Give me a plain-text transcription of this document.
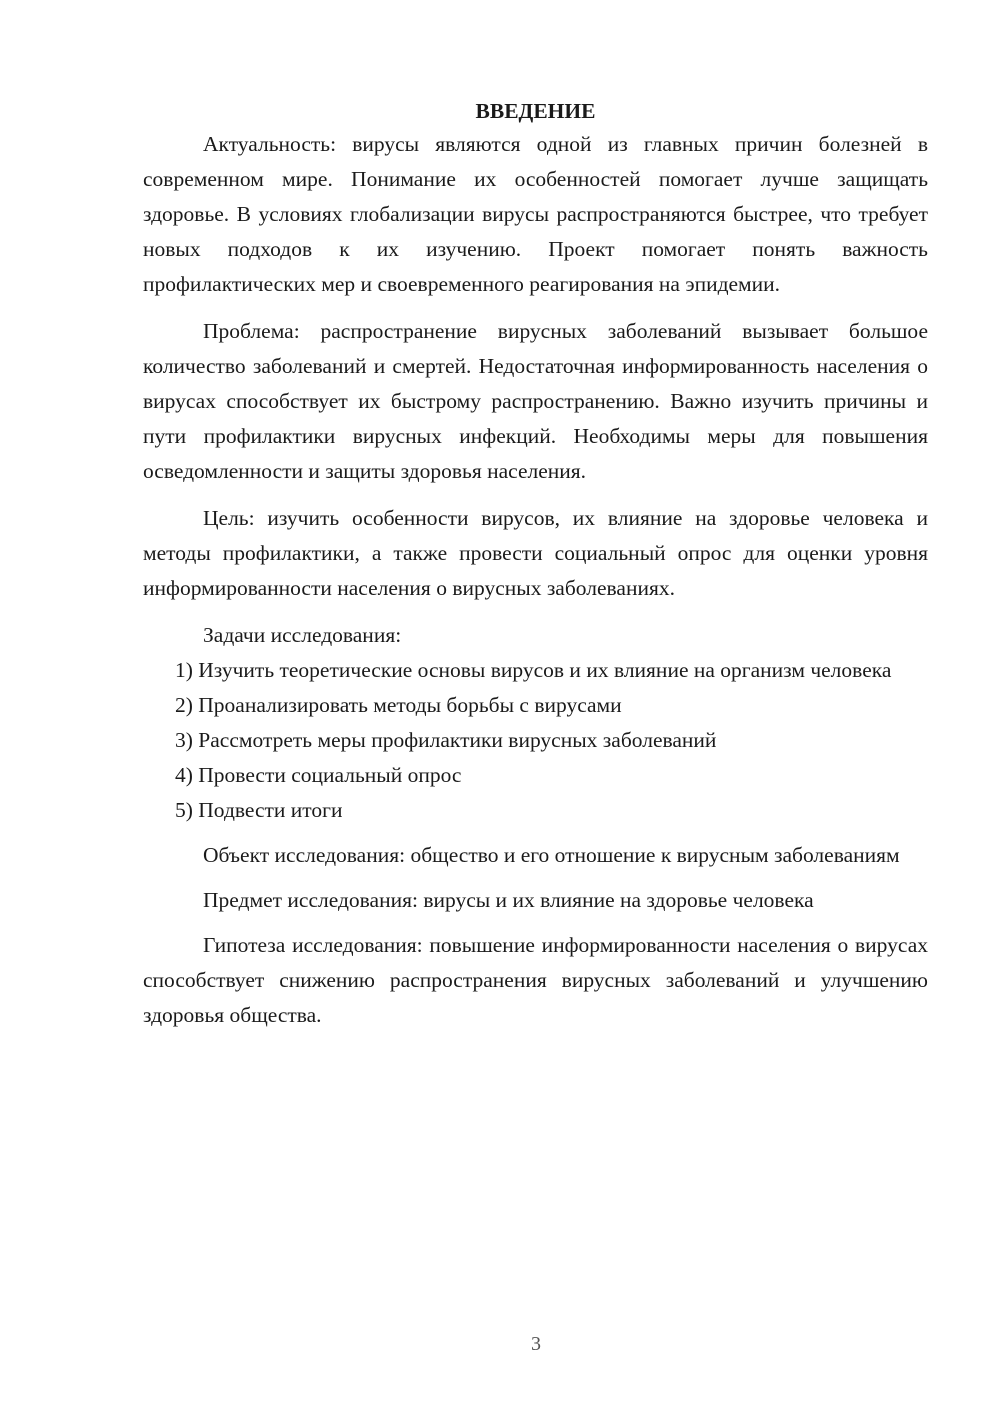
ВВЕДЕНИЕ

Актуальность: вирусы являются одной из главных причин болезней в современном мире. Понимание их особенностей помогает лучше защищать здоровье. В условиях глобализации вирусы распространяются быстрее, что требует новых подходов к их изучению. Проект помогает понять важность профилактических мер и своевременного реагирования на эпидемии.

Проблема: распространение вирусных заболеваний вызывает большое количество заболеваний и смертей. Недостаточная информированность населения о вирусах способствует их быстрому распространению. Важно изучить причины и пути профилактики вирусных инфекций. Необходимы меры для повышения осведомленности и защиты здоровья населения.

Цель: изучить особенности вирусов, их влияние на здоровье человека и методы профилактики, а также провести социальный опрос для оценки уровня информированности населения о вирусных заболеваниях.

Задачи исследования:

1) Изучить теоретические основы вирусов и их влияние на организм человека

2) Проанализировать методы борьбы с вирусами

3) Рассмотреть меры профилактики вирусных заболеваний

4) Провести социальный опрос

5) Подвести итоги

Объект исследования: общество и его отношение к вирусным заболеваниям

Предмет исследования: вирусы и их влияние на здоровье человека

Гипотеза исследования: повышение информированности населения о вирусах способствует снижению распространения вирусных заболеваний и улучшению здоровья общества.

3
